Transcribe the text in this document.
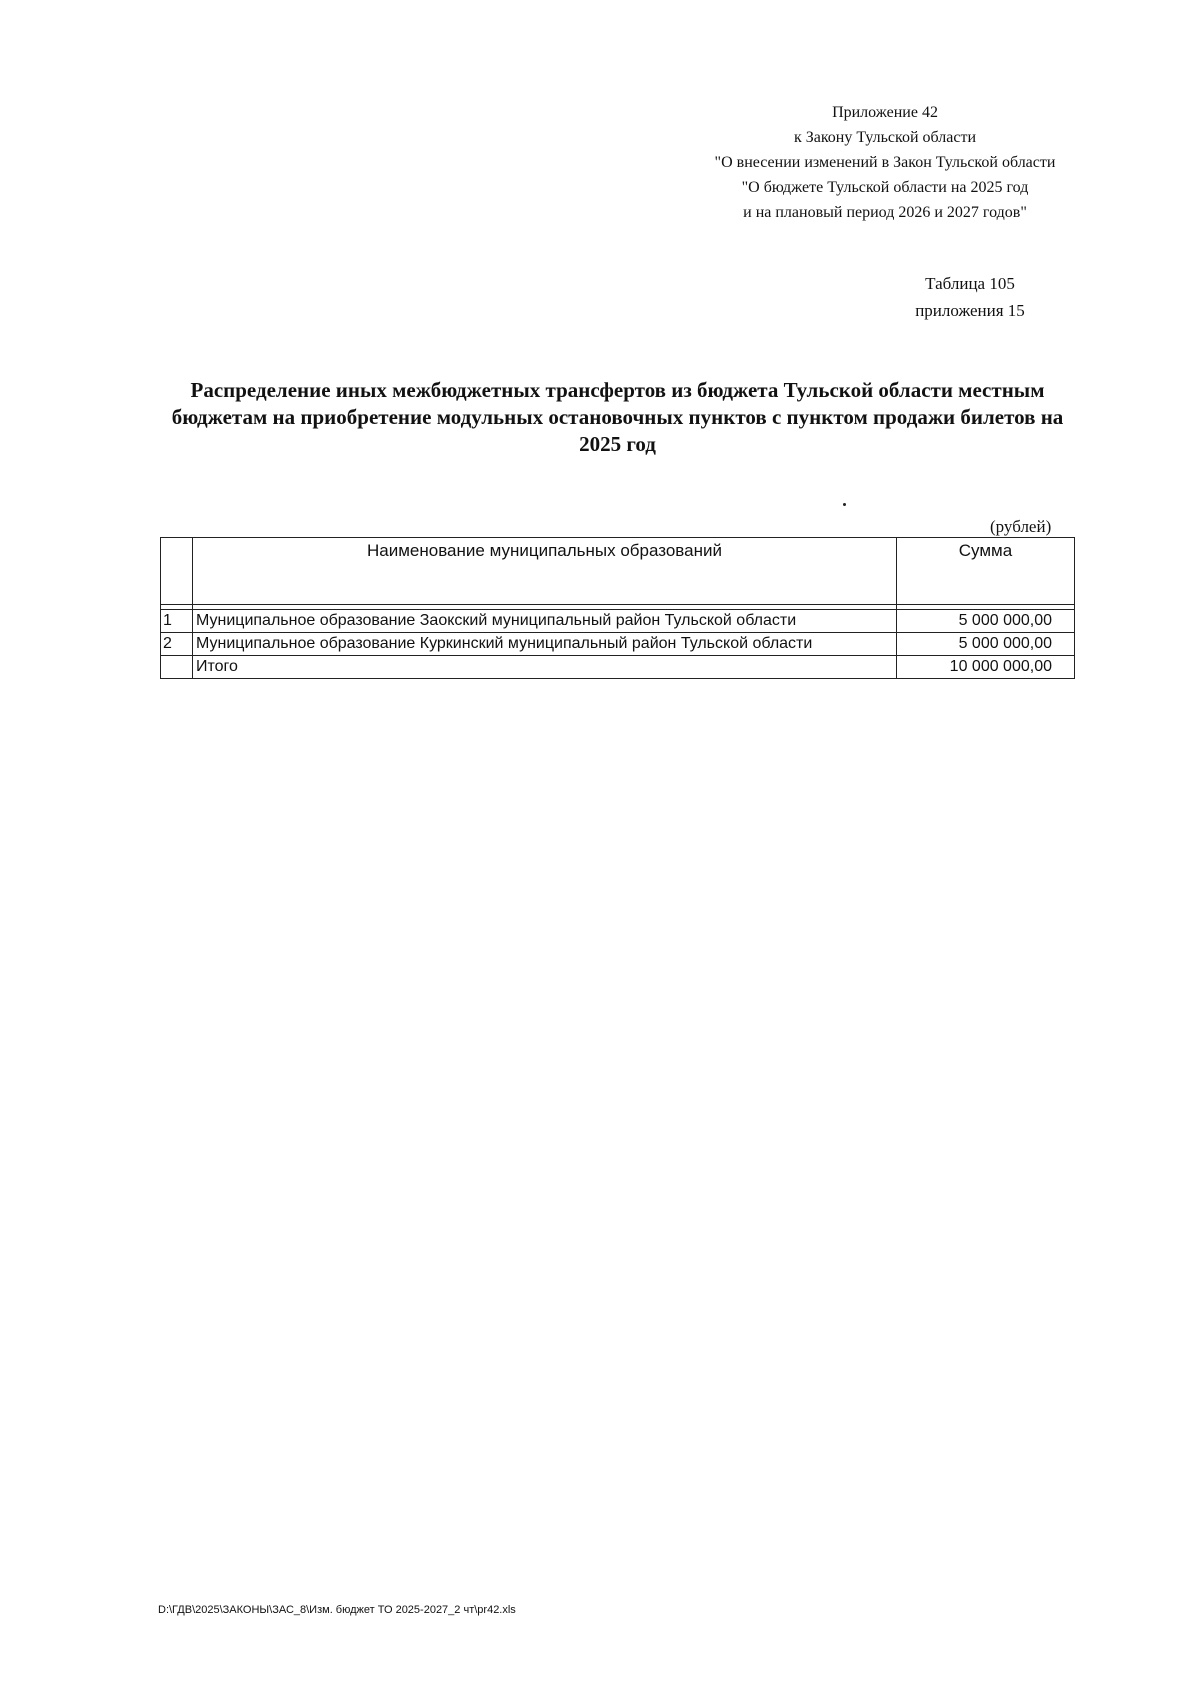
Приложение 42
к Закону Тульской области
"О внесении изменений в Закон Тульской области
"О бюджете Тульской области на 2025 год
и на плановый период 2026 и 2027 годов"
Таблица 105
приложения 15
Распределение иных межбюджетных трансфертов из бюджета Тульской области местным
бюджетам на приобретение модульных остановочных пунктов с пунктом продажи билетов на
2025 год
(рублей)
	Наименование муниципальных образований	Сумма

1	Муниципальное образование Заокский муниципальный район Тульской области	5 000 000,00
2	Муниципальное образование Куркинский муниципальный район Тульской области	5 000 000,00
	Итого	10 000 000,00
D:\ГДВ\2025\ЗАКОНЫ\ЗАС_8\Изм. бюджет ТО 2025-2027_2 чт\pr42.xls
